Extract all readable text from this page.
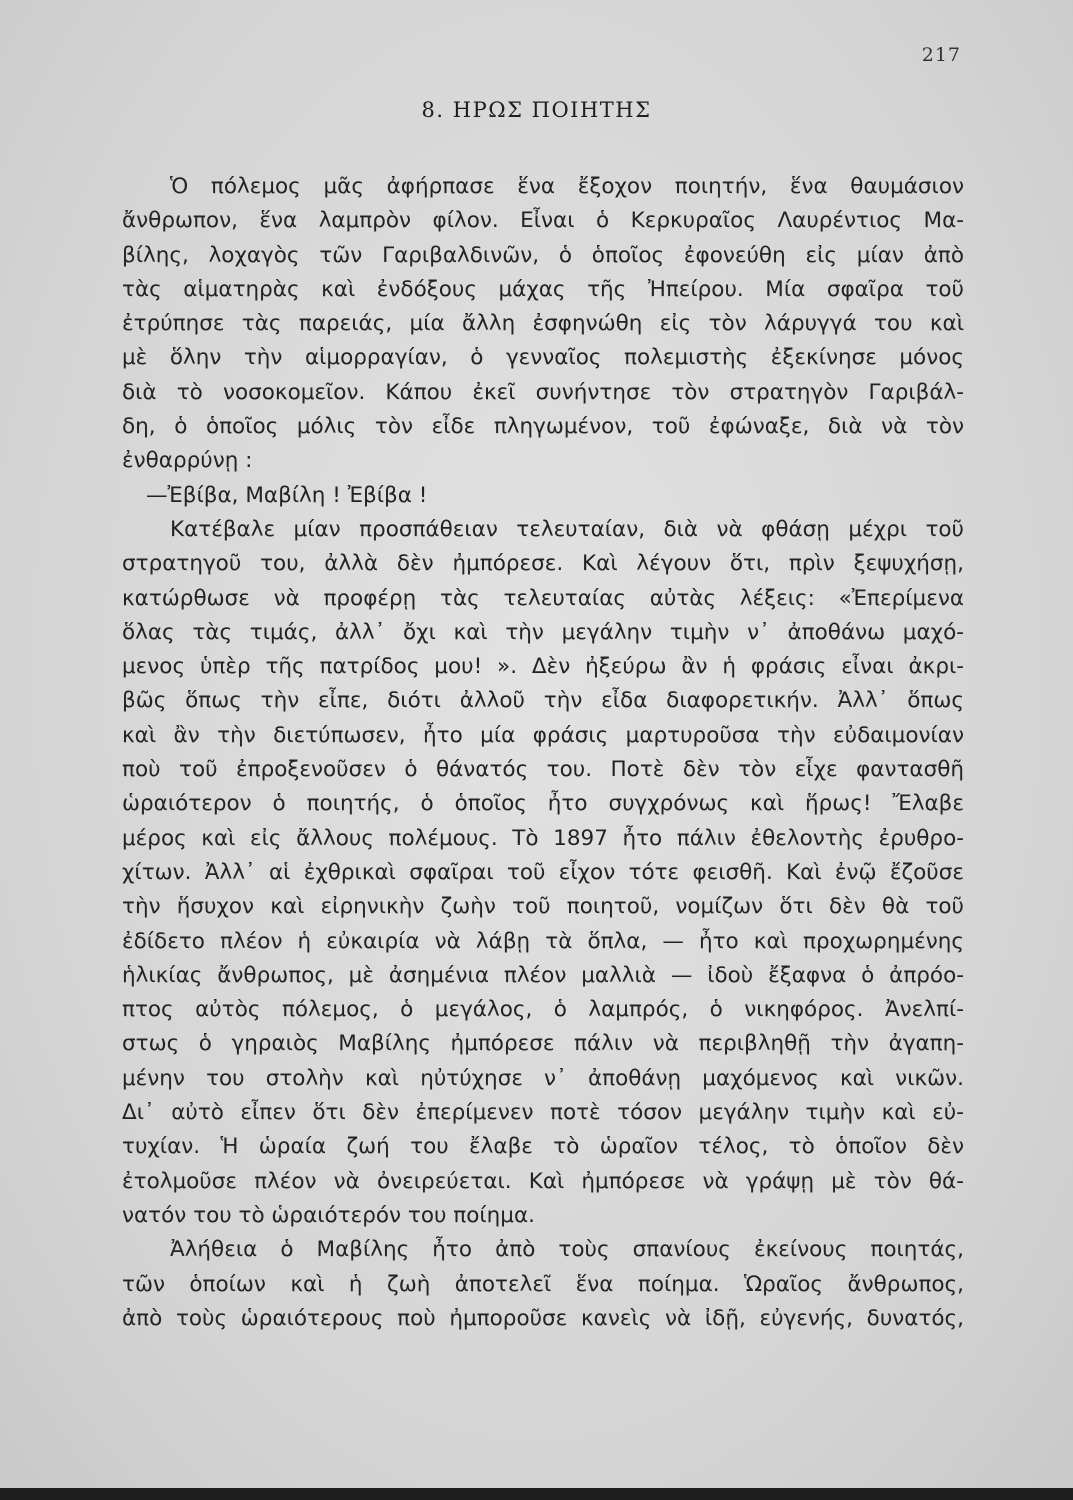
217
8. ΗΡΩΣ ΠΟΙΗΤΗΣ
Ὁ πόλεμος μᾶς ἀφήρπασε ἕνα ἔξοχον ποιητήν, ἕνα θαυμάσιον
ἄνθρωπον, ἕνα λαμπρὸν φίλον. Εἶναι ὁ Κερκυραῖος Λαυρέντιος Μα-
βίλης, λοχαγὸς τῶν Γαριβαλδινῶν, ὁ ὁποῖος ἐφονεύθη εἰς μίαν ἀπὸ
τὰς αἱματηρὰς καὶ ἐνδόξους μάχας τῆς Ἠπείρου. Μία σφαῖρα τοῦ
ἐτρύπησε τὰς παρειάς, μία ἄλλη ἐσφηνώθη εἰς τὸν λάρυγγά του καὶ
μὲ ὅλην τὴν αἱμορραγίαν, ὁ γενναῖος πολεμιστὴς ἐξεκίνησε μόνος
διὰ τὸ νοσοκομεῖον. Κάπου ἐκεῖ συνήντησε τὸν στρατηγὸν Γαριβάλ-
δη, ὁ ὁποῖος μόλις τὸν εἶδε πληγωμένον, τοῦ ἐφώναξε, διὰ νὰ τὸν
ἐνθαρρύνῃ :
—Ἐβίβα, Μαβίλη ! Ἐβίβα !
Κατέβαλε μίαν προσπάθειαν τελευταίαν, διὰ νὰ φθάσῃ μέχρι τοῦ
στρατηγοῦ του, ἀλλὰ δὲν ἠμπόρεσε. Καὶ λέγουν ὅτι, πρὶν ξεψυχήσῃ,
κατώρθωσε νὰ προφέρῃ τὰς τελευταίας αὐτὰς λέξεις: «Ἐπερίμενα
ὅλας τὰς τιμάς, ἀλλ᾽ ὄχι καὶ τὴν μεγάλην τιμὴν ν᾽ ἀποθάνω μαχό-
μενος ὑπὲρ τῆς πατρίδος μου! ». Δὲν ἠξεύρω ἂν ἡ φράσις εἶναι ἀκρι-
βῶς ὅπως τὴν εἶπε, διότι ἀλλοῦ τὴν εἶδα διαφορετικήν. Ἀλλ᾽ ὅπως
καὶ ἂν τὴν διετύπωσεν, ἦτο μία φράσις μαρτυροῦσα τὴν εὐδαιμονίαν
ποὺ τοῦ ἐπροξενοῦσεν ὁ θάνατός του. Ποτὲ δὲν τὸν εἶχε φαντασθῆ
ὡραιότερον ὁ ποιητής, ὁ ὁποῖος ἦτο συγχρόνως καὶ ἥρως! Ἔλαβε
μέρος καὶ εἰς ἄλλους πολέμους. Τὸ 1897 ἦτο πάλιν ἐθελοντὴς ἐρυθρο-
χίτων. Ἀλλ᾽ αἱ ἐχθρικαὶ σφαῖραι τοῦ εἶχον τότε φεισθῆ. Καὶ ἐνῷ ἔζοῦσε
τὴν ἥσυχον καὶ εἰρηνικὴν ζωὴν τοῦ ποιητοῦ, νομίζων ὅτι δὲν θὰ τοῦ
ἐδίδετο πλέον ἡ εὐκαιρία νὰ λάβῃ τὰ ὅπλα, — ἦτο καὶ προχωρημένης
ἡλικίας ἄνθρωπος, μὲ ἀσημένια πλέον μαλλιὰ — ἰδοὺ ἔξαφνα ὁ ἀπρόο-
πτος αὐτὸς πόλεμος, ὁ μεγάλος, ὁ λαμπρός, ὁ νικηφόρος. Ἀνελπί-
στως ὁ γηραιὸς Μαβίλης ἠμπόρεσε πάλιν νὰ περιβληθῇ τὴν ἀγαπη-
μένην του στολὴν καὶ ηὐτύχησε ν᾽ ἀποθάνῃ μαχόμενος καὶ νικῶν.
Δι᾽ αὐτὸ εἶπεν ὅτι δὲν ἐπερίμενεν ποτὲ τόσον μεγάλην τιμὴν καὶ εὐ-
τυχίαν. Ἡ ὡραία ζωή του ἔλαβε τὸ ὡραῖον τέλος, τὸ ὁποῖον δὲν
ἐτολμοῦσε πλέον νὰ ὀνειρεύεται. Καὶ ἠμπόρεσε νὰ γράψῃ μὲ τὸν θά-
νατόν του τὸ ὡραιότερόν του ποίημα.
Ἀλήθεια ὁ Μαβίλης ἦτο ἀπὸ τοὺς σπανίους ἐκείνους ποιητάς,
τῶν ὁποίων καὶ ἡ ζωὴ ἀποτελεῖ ἕνα ποίημα. Ὡραῖος ἄνθρωπος,
ἀπὸ τοὺς ὡραιότερους ποὺ ἠμποροῦσε κανεὶς νὰ ἰδῇ, εὐγενής, δυνατός,
